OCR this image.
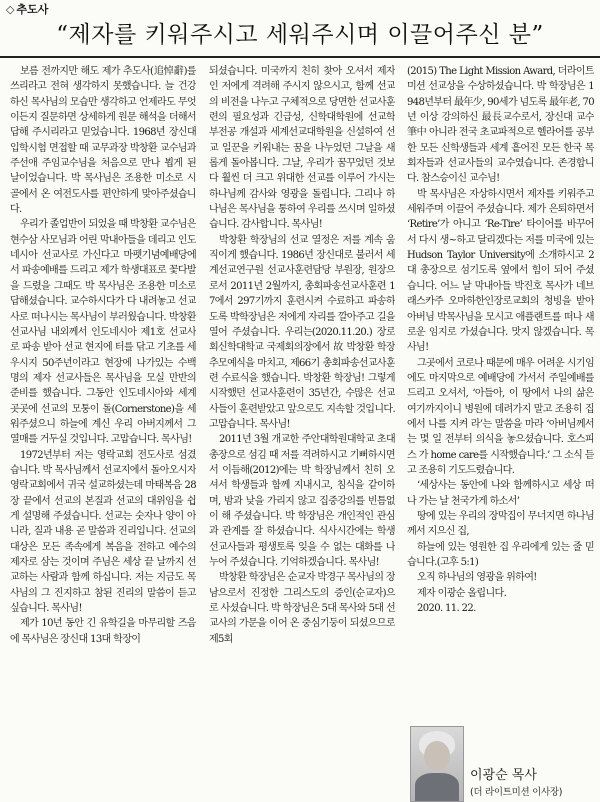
◇ 추도사
“제자를 키워주시고 세워주시며 이끌어주신 분”

보름 전까지만 해도 제가 추도사(追悼辭)를 쓰리라고 전혀 생각하지 못했습니다. 늘 건강하신 목사님의 모습만 생각하고 언제라도 무엇이든지 질문하면 상세하게 원문 해석을 더해서 답해 주시리라고 믿었습니다. 1968년 장신대 입학시험 면접할 때 교무과장 박창환 교수님과 주선애 주임교수님을 처음으로 만나 뵙게 된 날이었습니다. 박 목사님은 조용한 미소로 시골에서 온 여전도사를 편안하게 맞아주셨습니다.

우리가 졸업반이 되었을 때 박창환 교수님은 현수삼 사모님과 어린 막내아들을 데리고 인도네시아 선교사로 가신다고 마펫기념예배당에서 파송예배를 드리고 제가 학생대표로 꽃다발을 드렸을 그때도 박 목사님은 조용한 미소로 답해셨습니다. 교수하시다가 다 내려놓고 선교사로 떠나시는 목사님이 부러웠습니다. 박창환 선교사님 내외께서 인도네시아 제1호 선교사로 파송 받아 선교 현지에 터를 닦고 기초를 세우시지 50주년이라고 현장에 나가있는 수백 명의 제자 선교사들은 목사님을 모실 만반의 준비를 했습니다. 그동안 인도네시아와 세계 곳곳에 선교의 모퉁이 돌(Cornerstone)을 세워주셨으니 하늘에 계신 우리 아버지께서 그 열매를 거두실 것입니다. 고맙습니다. 목사님!

1972년부터 저는 영락교회 전도사로 섬겼습니다. 박 목사님께서 선교지에서 돌아오시자 영락교회에서 귀국 설교하셨는데 마태복음 28장 끝에서 선교의 본질과 선교의 대위임을 쉽게 설명해 주셨습니다. 선교는 숫자나 양이 아니라, 질과 내용 곧 말씀과 진리입니다. 선교의 대상은 모든 족속에게 복음을 전하고 예수의 제자로 삼는 것이며 주님은 세상 끝 날까지 선교하는 사람과 함께 하십니다. 저는 지금도 목사님의 그 진지하고 참된 진리의 말씀이 듣고 싶습니다. 목사님!

제가 10년 동안 긴 유학길을 마무리할 즈음에 목사님은 장신대 13대 학장이

되셨습니다. 미국까지 친히 찾아 오셔서 제자인 저에게 격려해 주시지 않으시고, 함께 선교의 비전을 나누고 구체적으로 당면한 선교사훈련의 필요성과 긴급성, 신학대학원에 선교학 부전공 개설과 세계선교대학원을 신설하여 선교 일꾼을 키워내는 꿈을 나누었던 그날을 새롭게 돌아봅니다. 그날, 우리가 꿈꾸었던 것보다 훨씬 더 크고 위대한 선교를 이루어 가시는 하나님께 감사와 영광을 돌립니다. 그리나 하나님은 목사님을 통하여 우리를 쓰시며 일하셨습니다. 감사합니다. 목사님!

박창환 학장님의 선교 열정은 저를 계속 움직이게 했습니다. 1986년 장신대로 불러서 세계선교연구원 선교사훈련담당 부원장, 원장으로서 2011년 2월까지, 총회파송선교사훈련 17에서 297기까지 훈련시켜 수료하고 파송하도록 박학장님은 저에게 자리를 깔아주고 길을 열어 주셨습니다. 우리는(2020.11.20.) 장로회신학대학교 국제회의장에서 故 박창환 학장 추모예식을 마치고, 제66기 총회파송선교사훈련 수료식을 했습니다. 박창환 학장님! 그렇게 시작했던 선교사훈련이 35년간, 수많은 선교사들이 훈련받았고 앞으로도 지속할 것입니다. 고맙습니다. 목사님!

2011년 3월 개교한 주안대학원대학교 초대총장으로 섬김 때 저를 격려하시고 기뻐하시면서 이듬해(2012)에는 박 학장님께서 친히 오셔서 학생들과 함께 지내시고, 침식을 같이하며, 밤과 낮을 가리지 않고 집중강의를 빈틈없이 해 주셨습니다. 박 학장님은 개인적인 관심과 관계를 잘 하셨습니다. 식사시간에는 학생선교사들과 평생토록 잊을 수 없는 대화를 나누어 주셨습니다. 기억하겠습니다. 목사님!

박창환 학장님은 순교자 박경구 목사님의 장남으로서 진정한 그리스도의 증인(순교자)으로 사셨습니다. 박 학장님은 5대 목사와 5대 선교사의 가문을 이어 온 중심기둥이 되셨으므로 제5회

(2015) The Light Mission Award, 더라이트미션 선교상을 수상하셨습니다. 박 학장님은 1948년부터 最年少, 90세가 넘도록 最年老, 70년 이상 강의하신 最長교수로서, 장신대 교수筆中 아니라 전국 초교파적으로 헬라어를 공부한 모든 신학생들과 세계 흩어진 모든 한국 목회자들과 선교사들의 교수였습니다. 존경합니다. 참스승이신 교수님!

박 목사님은 자상하시면서 제자를 키워주고 세워주며 이끌어 주셨습니다. 제가 은퇴하면서 ‘Retire’가 아니고 ‘Re-Tire’ 타이어를 바꾸어서 다시 생~하고 달리겠다는 저를 미국에 있는 Hudson Taylor University에 소개하시고 2대 총장으로 섬기도록 옆에서 힘이 되어 주셨습니다. 어느 날 막내아들 박진호 목사가 네브래스카주 오마하한인장로교회의 청빙을 받아 아버님 박목사님을 모시고 애플랜트를 떠나 새로운 임지로 가셨습니다. 맛지 않겠습니다. 목사님!

그곳에서 코로나 때문에 매우 어려운 시기임에도 마지막으로 예배당에 가서서 주일예배를 드리고 오셔서, ‘아들아, 이 땅에서 나의 삶은 여기까지이니 병원에 데려가지 말고 조용히 집에서 나를 지켜 라’는 말씀을 마라 ‘아버님께서는 몇 일 전부터 의식을 놓으셨습니다. 호스피스 가 home care를 시작했습니다.’ 그 소식 듣고 조용히 기도드렸습니다.

‘세상사는 동안에 나와 함께하시고 세상 떠나 가는 날 천국가게 하소서’

땅에 있는 우리의 장막집이 무너지면 하나님께서 지으신 집,

하늘에 있는 영원한 집 우리에게 있는 줄 믿습니다.(고후 5:1)

오직 하나님의 영광을 위하여!

제자 이광순 올립니다.

2020. 11. 22.

이광순 목사
(더 라이트미션 이사장)
